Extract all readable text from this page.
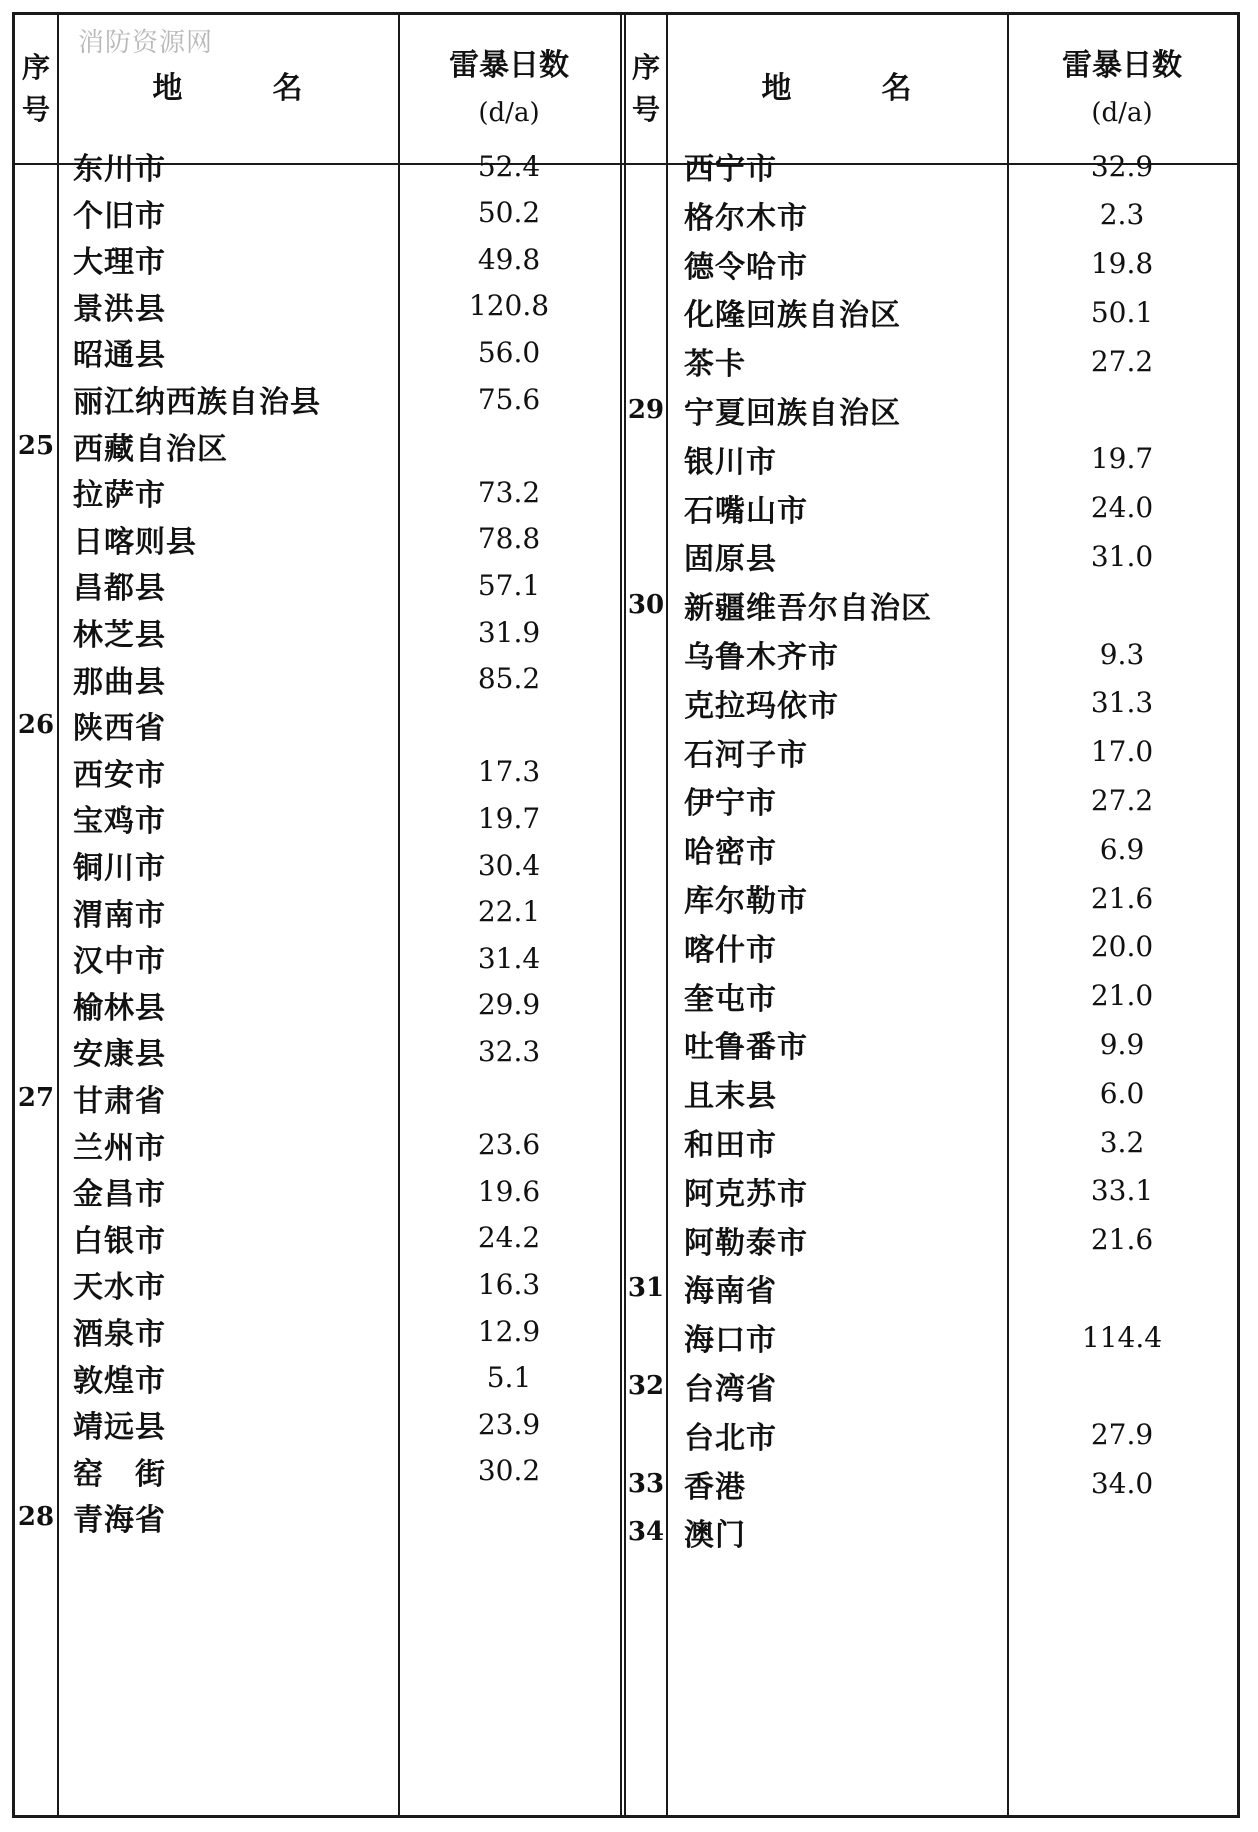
消防资源网
序
号
地	名
雷暴日数
(d/a)
东川市	52.4
个旧市	50.2
大理市	49.8
景洪县	120.8
昭通县	56.0
丽江纳西族自治县	75.6
25 西藏自治区
拉萨市	73.2
日喀则县	78.8
昌都县	57.1
林芝县	31.9
那曲县	85.2
26 陕西省
西安市	17.3
宝鸡市	19.7
铜川市	30.4
渭南市	22.1
汉中市	31.4
榆林县	29.9
安康县	32.3
27 甘肃省
兰州市	23.6
金昌市	19.6
白银市	24.2
天水市	16.3
酒泉市	12.9
敦煌市	5.1
靖远县	23.9
窑　街	30.2
28 青海省
序
号
地	名
雷暴日数
(d/a)
西宁市	32.9
格尔木市	2.3
德令哈市	19.8
化隆回族自治区	50.1
茶卡	27.2
29 宁夏回族自治区
银川市	19.7
石嘴山市	24.0
固原县	31.0
30 新疆维吾尔自治区
乌鲁木齐市	9.3
克拉玛依市	31.3
石河子市	17.0
伊宁市	27.2
哈密市	6.9
库尔勒市	21.6
喀什市	20.0
奎屯市	21.0
吐鲁番市	9.9
且末县	6.0
和田市	3.2
阿克苏市	33.1
阿勒泰市	21.6
31 海南省
海口市	114.4
32 台湾省
台北市	27.9
33 香港	34.0
34 澳门
